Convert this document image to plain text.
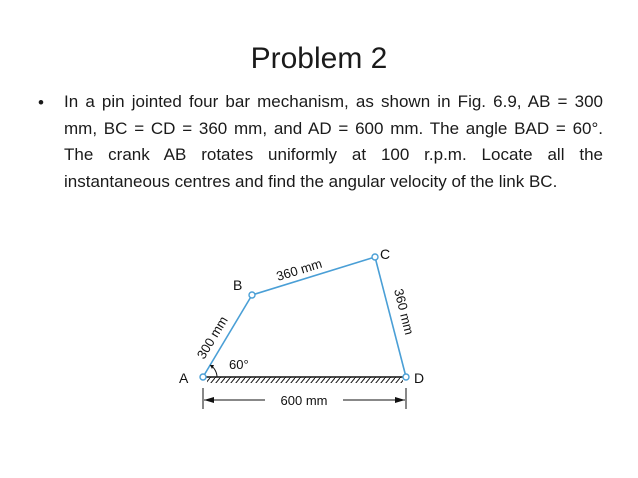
Problem 2
• In a pin jointed four bar mechanism, as shown in Fig. 6.9, AB = 300 mm, BC = CD = 360 mm, and AD = 600 mm. The angle BAD = 60°. The crank AB rotates uniformly at 100 r.p.m. Locate all the instantaneous centres and find the angular velocity of the link BC.
A
B
C
D
300 mm
360 mm
360 mm
60°
600 mm
